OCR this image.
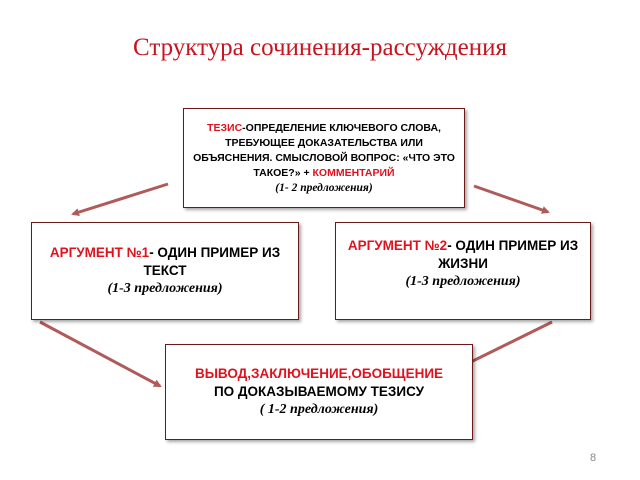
Структура сочинения-рассуждения
ТЕЗИС-ОПРЕДЕЛЕНИЕ КЛЮЧЕВОГО СЛОВА, ТРЕБУЮЩЕЕ ДОКАЗАТЕЛЬСТВА ИЛИ ОБЪЯСНЕНИЯ. СМЫСЛОВОЙ ВОПРОС: «ЧТО ЭТО ТАКОЕ?» + КОММЕНТАРИЙ
(1- 2 предложения)
АРГУМЕНТ №1- ОДИН ПРИМЕР ИЗ ТЕКСТ
(1-3 предложения)
АРГУМЕНТ №2- ОДИН ПРИМЕР ИЗ ЖИЗНИ
(1-3 предложения)
ВЫВОД,ЗАКЛЮЧЕНИЕ,ОБОБЩЕНИЕ
ПО ДОКАЗЫВАЕМОМУ ТЕЗИСУ
( 1-2 предложения)
8
